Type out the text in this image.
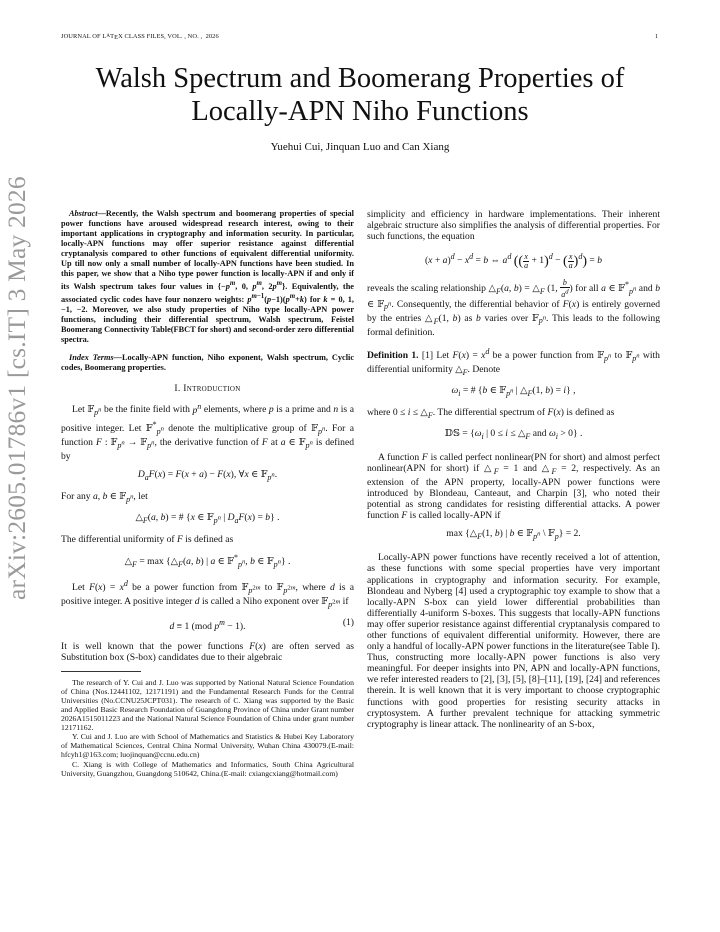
JOURNAL OF LATEX CLASS FILES, VOL. , NO. ,  2026	1
arXiv:2605.01786v1 [cs.IT] 3 May 2026
Walsh Spectrum and Boomerang Properties of
Locally-APN Niho Functions
Yuehui Cui, Jinquan Luo and Can Xiang

Abstract—Recently, the Walsh spectrum and boomerang properties of special power functions have aroused widespread research interest, owing to their important applications in cryptography and information security. In particular, locally-APN functions may offer superior resistance against differential cryptanalysis compared to other functions of equivalent differential uniformity. Up till now only a small number of locally-APN functions have been studied. In this paper, we show that a Niho type power function is locally-APN if and only if its Walsh spectrum takes four values in {$-p^m$, 0, $p^m$, $2p^m$}. Equivalently, the associated cyclic codes have four nonzero weights: $p^{m-1}(p-1)(p^m+k)$ for k = 0, 1, −1, −2. Moreover, we also study properties of Niho type locally-APN power functions, including their differential spectrum, Walsh spectrum, Feistel Boomerang Connectivity Table(FBCT for short) and second-order zero differential spectra.

Index Terms—Locally-APN function, Niho exponent, Walsh spectrum, Cyclic codes, Boomerang properties.

I. Introduction

Let 𝔽$_{p^n}$ be the finite field with $p^n$ elements, where p is a prime and n is a positive integer. Let 𝔽*$_{p^n}$ denote the multiplicative group of 𝔽$_{p^n}$. For a function F : 𝔽$_{p^n}$ → 𝔽$_{p^n}$, the derivative function of F at a ∈ 𝔽$_{p^n}$ is defined by

$D_aF(x) = F(x + a) - F(x)$, ∀x ∈ 𝔽$_{p^n}$.

For any a, b ∈ 𝔽$_{p^n}$, let

$\triangle_F(a$, b) = # {x ∈ 𝔽$_{p^n}$ | $D_aF(x) = b$} .

The differential uniformity of F is defined as

$\triangle_F = \max$ {$\triangle_F(a$, b) | a ∈ 𝔽*$_{p^n}$, b ∈ 𝔽$_{p^n}$} .

Let $F(x) = x^d$ be a power function from 𝔽$_{p^{2m}}$ to 𝔽$_{p^{2m}}$, where d is a positive integer. A positive integer d is called a Niho exponent over 𝔽$_{p^{2m}}$ if

d ≡ 1 (mod $p^m - 1$).	(1)

It is well known that the power functions F(x) are often served as Substitution box (S-box) candidates due to their algebraic

The research of Y. Cui and J. Luo was supported by National Natural Science Foundation of China (Nos.12441102, 12171191) and the Fundamental Research Funds for the Central Universities (No.CCNU25JCPT031). The research of C. Xiang was supported by the Basic and Applied Basic Research Foundation of Guangdong Province of China under Grant number 2026A1515011223 and the National Natural Science Foundation of China under grant number 12171162.

Y. Cui and J. Luo are with School of Mathematics and Statistics & Hubei Key Laboratory of Mathematical Sciences, Central China Normal University, Wuhan China 430079.(E-mail: hfcyh1@163.com; luojinquan@ccnu.edu.cn)

C. Xiang is with College of Mathematics and Informatics, South China Agricultural University, Guangzhou, Guangdong 510642, China.(E-mail: cxiangcxiang@hotmail.com)

simplicity and efficiency in hardware implementations. Their inherent algebraic structure also simplifies the analysis of differential properties. For such functions, the equation

$(x + a)^d - x^d = b$ ⇔ $a^d$ (( $\frac{x}{a} + 1)^d$ − ( $\frac{x}{a} )^d) = b$

reveals the scaling relationship $\triangle_F(a$, $b) = \triangle_F$ (1, $\frac{b}{a^d}$ ) for all a ∈ 𝔽*$_{p^n}$ and b ∈ 𝔽$_{p^n}$. Consequently, the differential behavior of F(x) is entirely governed by the entries $\triangle_F(1$, b) as b varies over 𝔽$_{p^n}$. This leads to the following formal definition.

Definition 1. [1] Let $F(x) = x^d$ be a power function from 𝔽$_{p^n}$ to 𝔽$_{p^n}$ with differential uniformity $\triangle_F$. Denote

$\omega_i$ = # {b ∈ 𝔽$_{p^n}$ | $\triangle_F(1$, b) = i} ,

where $0 \le i \le \triangle_F$. The differential spectrum of F(x) is defined as

𝔻𝕊 = {$\omega_i$ | $0 \le i \le \triangle_F$ and $\omega_i > 0$} .

A function F is called perfect nonlinear(PN for short) and almost perfect nonlinear(APN for short) if $\triangle_F = 1$ and $\triangle_F = 2$, respectively. As an extension of the APN property, locally-APN power functions were introduced by Blondeau, Canteaut, and Charpin [3], who noted their potential as strong candidates for resisting differential attacks. A power function F is called locally-APN if

$\max \{\triangle_F(1$, b) | b ∈ 𝔽$_{p^n}$ \ 𝔽$_p$} = 2.

Locally-APN power functions have recently received a lot of attention, as these functions with some special properties have very important applications in cryptography and information security. For example, Blondeau and Nyberg [4] used a cryptographic toy example to show that a locally-APN S-box can yield lower differential probabilities than differentially 4-uniform S-boxes. This suggests that locally-APN functions may offer superior resistance against differential cryptanalysis compared to other functions of equivalent differential uniformity. However, there are only a handful of locally-APN power functions in the literature(see Table I). Thus, constructing more locally-APN power functions is also very meaningful. For deeper insights into PN, APN and locally-APN functions, we refer interested readers to [2], [3], [5], [8]–[11], [19], [24] and references therein. It is well known that it is very important to choose cryptographic functions with good properties for resisting security attacks in cryptosystem. A further prevalent technique for attacking symmetric cryptography is linear attack. The nonlinearity of an S-box,
